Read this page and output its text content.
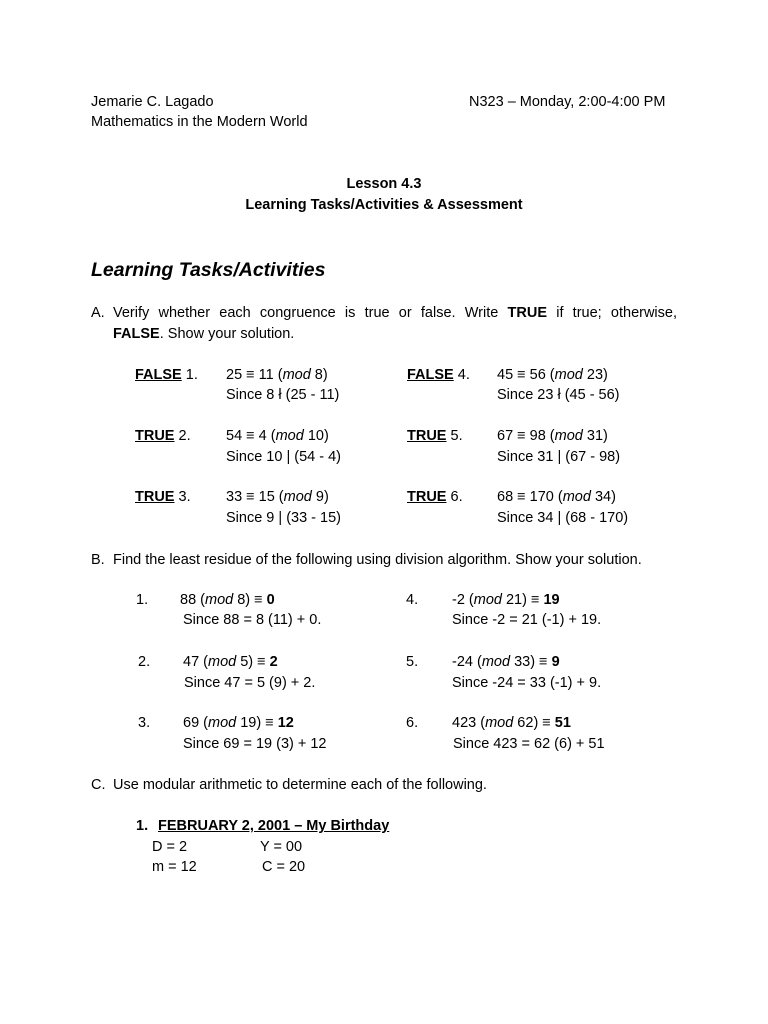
Jemarie C. Lagado
Mathematics in the Modern World
N323 – Monday, 2:00-4:00 PM
Lesson 4.3
Learning Tasks/Activities & Assessment
Learning Tasks/Activities
A. Verify whether each congruence is true or false. Write TRUE if true; otherwise,
FALSE. Show your solution.
FALSE 1. 25 ≡ 11 (mod 8)
Since 8 ł (25 - 11)
TRUE 2. 54 ≡ 4 (mod 10)
Since 10 | (54 - 4)
TRUE 3. 33 ≡ 15 (mod 9)
Since 9 | (33 - 15)
FALSE 4. 45 ≡ 56 (mod 23)
Since 23 ł (45 - 56)
TRUE 5. 67 ≡ 98 (mod 31)
Since 31 | (67 - 98)
TRUE 6. 68 ≡ 170 (mod 34)
Since 34 | (68 - 170)
B. Find the least residue of the following using division algorithm. Show your solution.
1. 88 (mod 8) ≡ 0
Since 88 = 8 (11) + 0.
2. 47 (mod 5) ≡ 2
Since 47 = 5 (9) + 2.
3. 69 (mod 19) ≡ 12
Since 69 = 19 (3) + 12
4. -2 (mod 21) ≡ 19
Since -2 = 21 (-1) + 19.
5. -24 (mod 33) ≡ 9
Since -24 = 33 (-1) + 9.
6. 423 (mod 62) ≡ 51
Since 423 = 62 (6) + 51
C. Use modular arithmetic to determine each of the following.
1. FEBRUARY 2, 2001 – My Birthday
D = 2	Y = 00
m = 12	C = 20
